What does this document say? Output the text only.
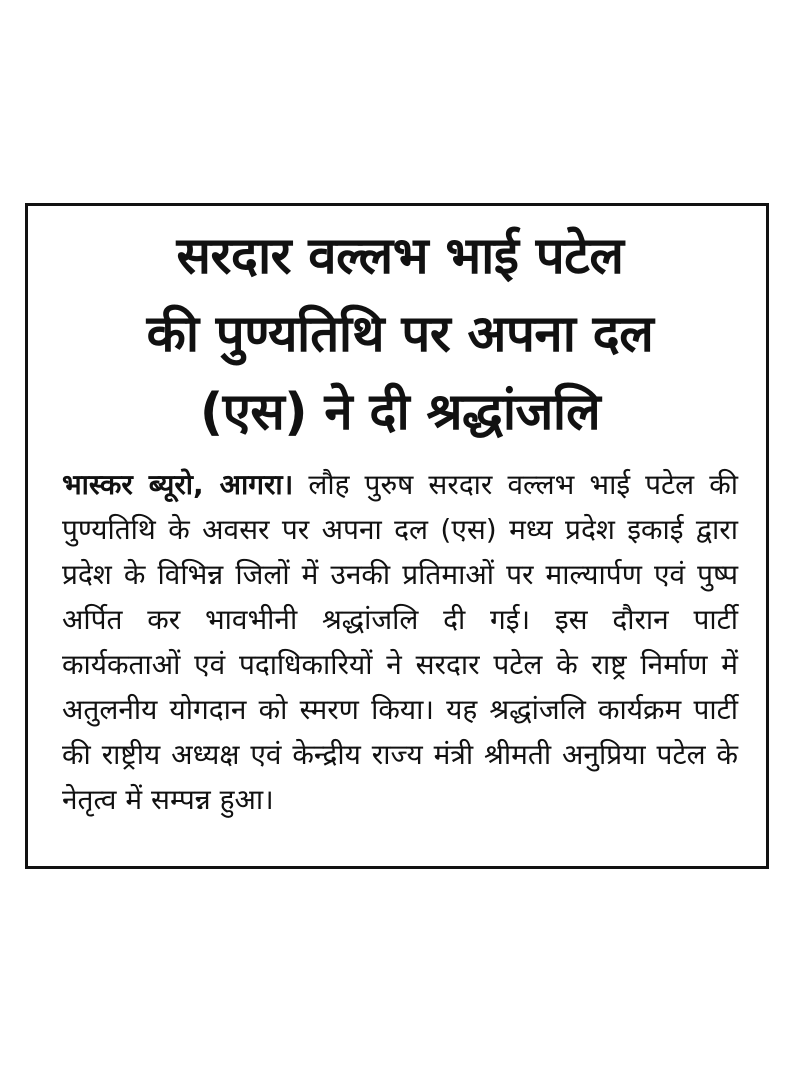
सरदार वल्लभ भाई पटेल
की पुण्यतिथि पर अपना दल
(एस) ने दी श्रद्धांजलि

भास्कर ब्यूरो, आगरा। लौह पुरुष सरदार वल्लभ भाई पटेल की पुण्यतिथि के अवसर पर अपना दल (एस) मध्य प्रदेश इकाई द्वारा प्रदेश के विभिन्न जिलों में उनकी प्रतिमाओं पर माल्यार्पण एवं पुष्प अर्पित कर भावभीनी श्रद्धांजलि दी गई। इस दौरान पार्टी कार्यकताओं एवं पदाधिकारियों ने सरदार पटेल के राष्ट्र निर्माण में अतुलनीय योगदान को स्मरण किया। यह श्रद्धांजलि कार्यक्रम पार्टी की राष्ट्रीय अध्यक्ष एवं केन्द्रीय राज्य मंत्री श्रीमती अनुप्रिया पटेल के नेतृत्व में सम्पन्न हुआ।
